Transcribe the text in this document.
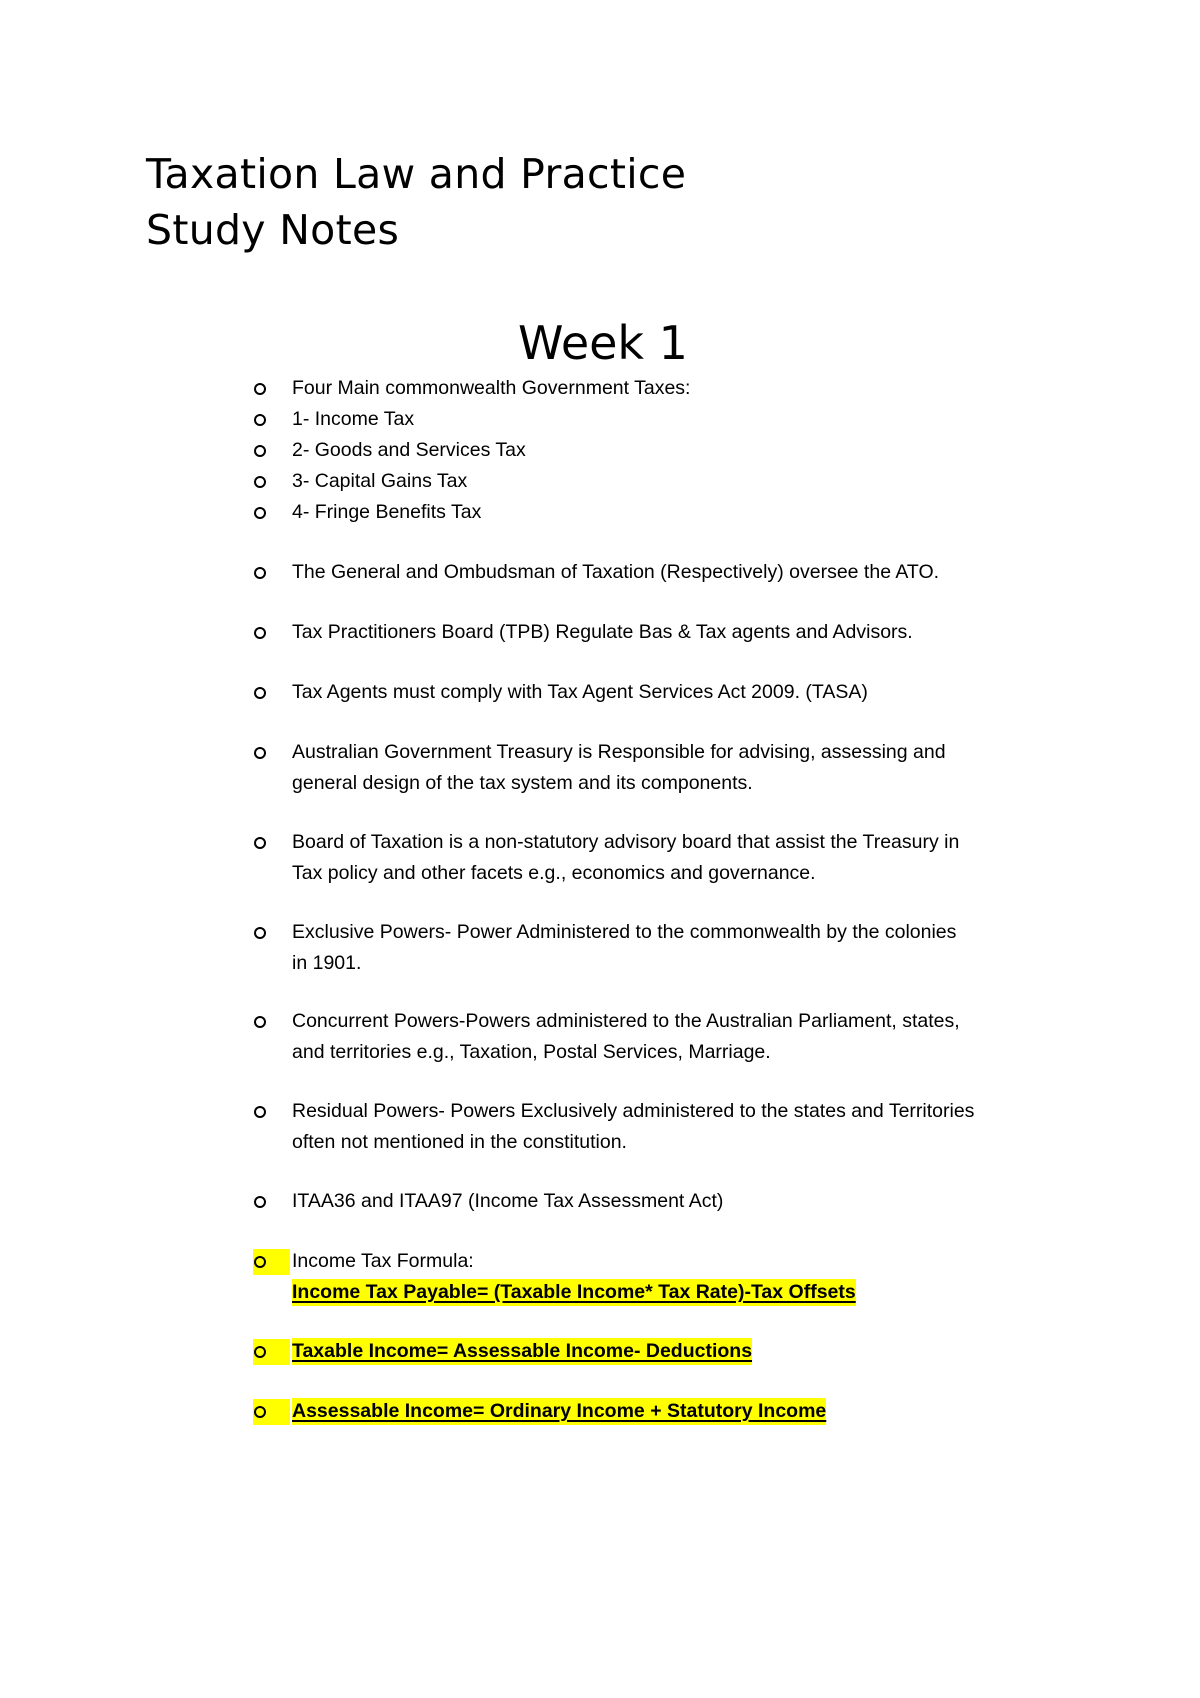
Taxation Law and Practice
Study Notes
Week 1
Four Main commonwealth Government Taxes:
1- Income Tax
2- Goods and Services Tax
3- Capital Gains Tax
4- Fringe Benefits Tax
The General and Ombudsman of Taxation (Respectively) oversee the ATO.
Tax Practitioners Board (TPB) Regulate Bas & Tax agents and Advisors.
Tax Agents must comply with Tax Agent Services Act 2009. (TASA)
Australian Government Treasury is Responsible for advising, assessing and
general design of the tax system and its components.
Board of Taxation is a non-statutory advisory board that assist the Treasury in
Tax policy and other facets e.g., economics and governance.
Exclusive Powers- Power Administered to the commonwealth by the colonies
in 1901.
Concurrent Powers-Powers administered to the Australian Parliament, states,
and territories e.g., Taxation, Postal Services, Marriage.
Residual Powers- Powers Exclusively administered to the states and Territories
often not mentioned in the constitution.
ITAA36 and ITAA97 (Income Tax Assessment Act)
Income Tax Formula:
Income Tax Payable= (Taxable Income* Tax Rate)-Tax Offsets
Taxable Income= Assessable Income- Deductions
Assessable Income= Ordinary Income + Statutory Income
